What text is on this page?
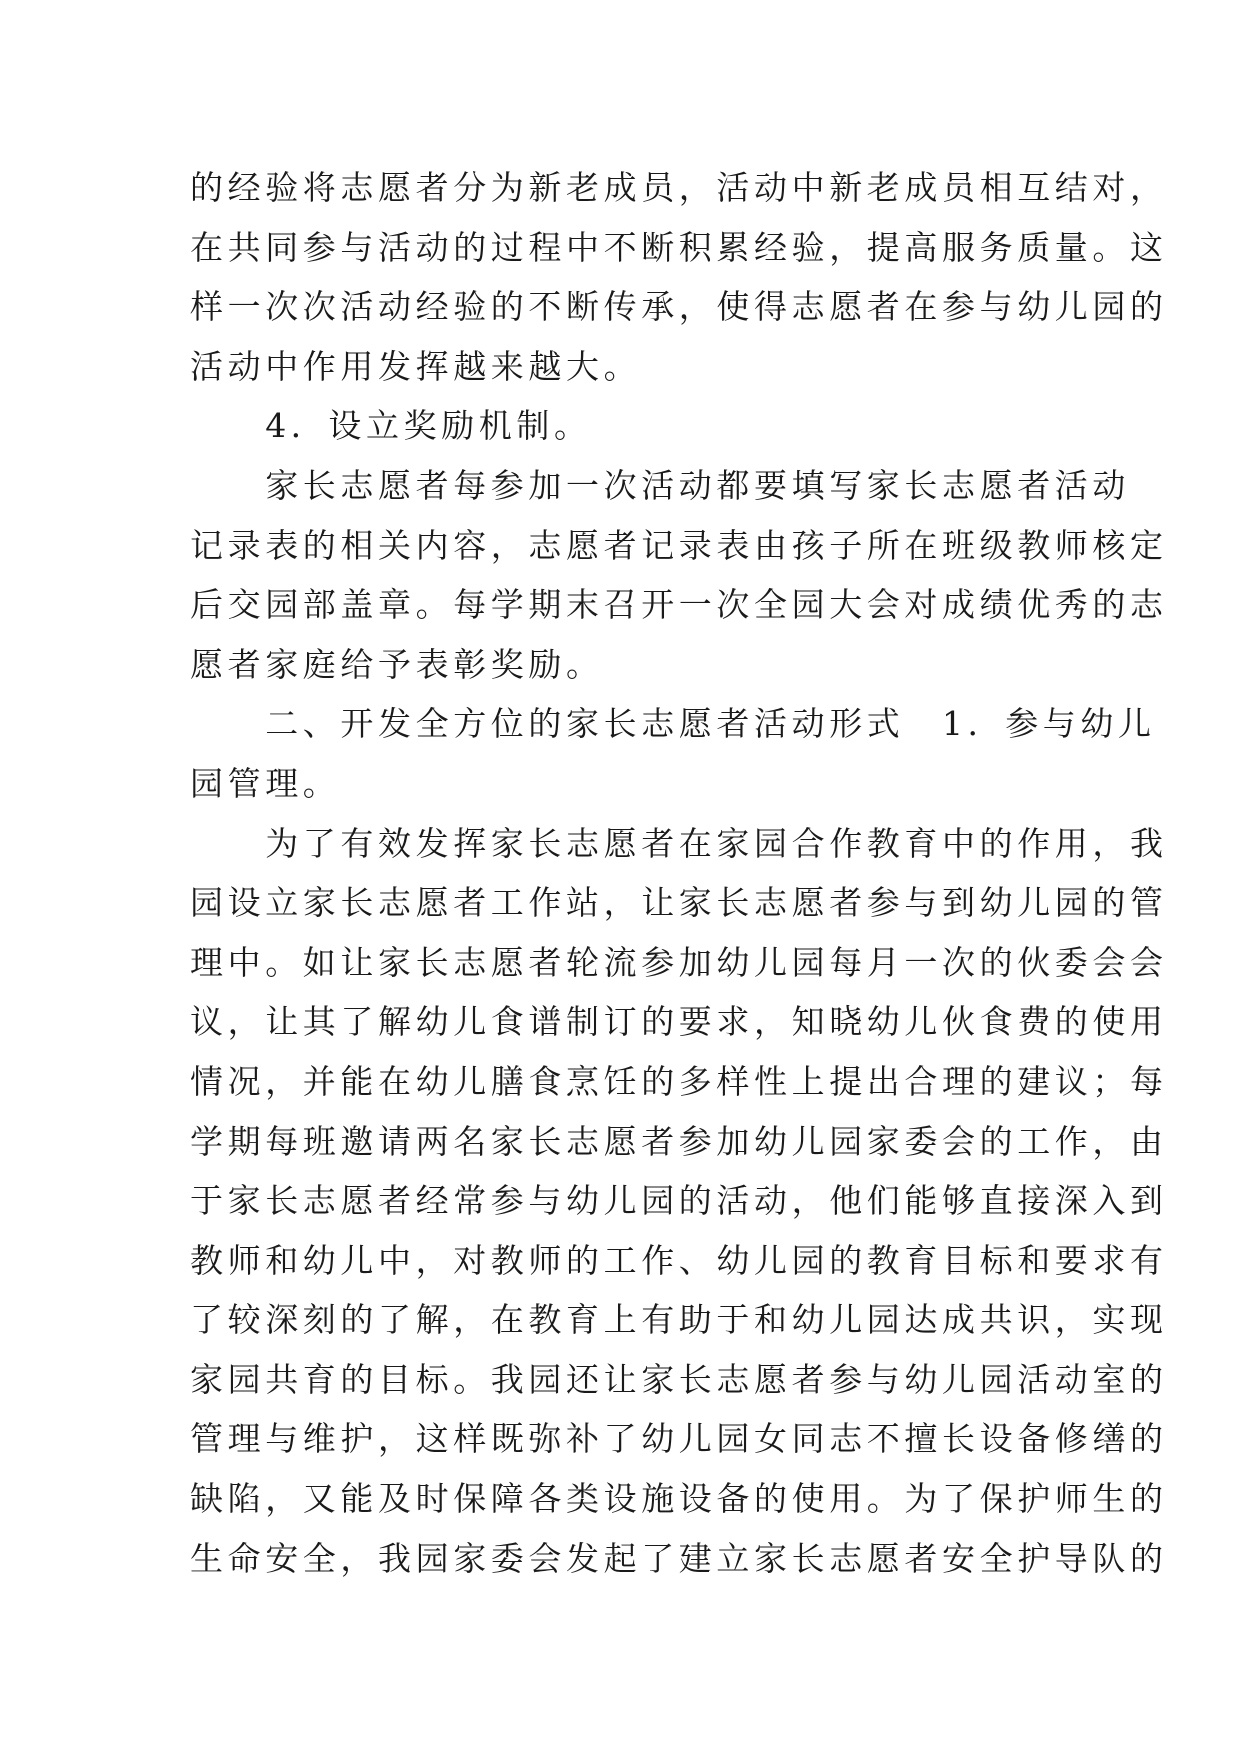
的经验将志愿者分为新老成员，活动中新老成员相互结对，
在共同参与活动的过程中不断积累经验，提高服务质量。这
样一次次活动经验的不断传承，使得志愿者在参与幼儿园的
活动中作用发挥越来越大。
　　4．设立奖励机制。
　　家长志愿者每参加一次活动都要填写家长志愿者活动
记录表的相关内容，志愿者记录表由孩子所在班级教师核定
后交园部盖章。每学期末召开一次全园大会对成绩优秀的志
愿者家庭给予表彰奖励。
　　二、开发全方位的家长志愿者活动形式　1．参与幼儿
园管理。
　　为了有效发挥家长志愿者在家园合作教育中的作用，我
园设立家长志愿者工作站，让家长志愿者参与到幼儿园的管
理中。如让家长志愿者轮流参加幼儿园每月一次的伙委会会
议，让其了解幼儿食谱制订的要求，知晓幼儿伙食费的使用
情况，并能在幼儿膳食烹饪的多样性上提出合理的建议；每
学期每班邀请两名家长志愿者参加幼儿园家委会的工作，由
于家长志愿者经常参与幼儿园的活动，他们能够直接深入到
教师和幼儿中，对教师的工作、幼儿园的教育目标和要求有
了较深刻的了解，在教育上有助于和幼儿园达成共识，实现
家园共育的目标。我园还让家长志愿者参与幼儿园活动室的
管理与维护，这样既弥补了幼儿园女同志不擅长设备修缮的
缺陷，又能及时保障各类设施设备的使用。为了保护师生的
生命安全，我园家委会发起了建立家长志愿者安全护导队的
